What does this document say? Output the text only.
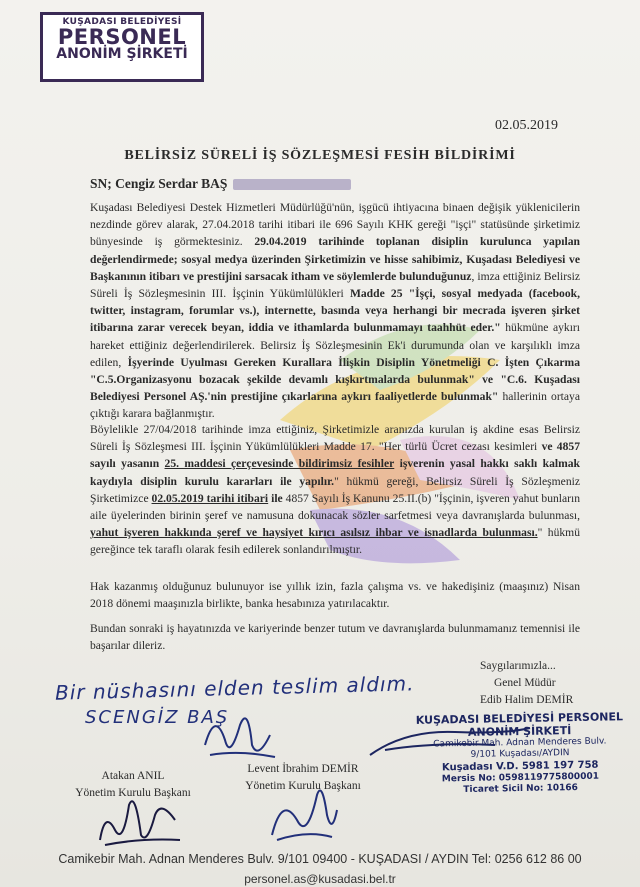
KUŞADASI BELEDİYESİ
PERSONEL
ANONİM ŞİRKETİ
02.05.2019
BELİRSİZ SÜRELİ İŞ SÖZLEŞMESİ FESİH BİLDİRİMİ
SN; Cengiz Serdar BAŞ

Kuşadası Belediyesi Destek Hizmetleri Müdürlüğü'nün, işgücü ihtiyacına binaen değişik yüklenicilerin nezdinde görev alarak, 27.04.2018 tarihi itibari ile 696 Sayılı KHK gereği "işçi" statüsünde şirketimiz bünyesinde iş görmektesiniz. 29.04.2019 tarihinde toplanan disiplin kurulunca yapılan değerlendirmede; sosyal medya üzerinden Şirketimizin ve hisse sahibimiz, Kuşadası Belediyesi ve Başkanının itibarı ve prestijini sarsacak itham ve söylemlerde bulunduğunuz, imza ettiğiniz Belirsiz Süreli İş Sözleşmesinin III. İşçinin Yükümlülükleri Madde 25 "İşçi, sosyal medyada (facebook, twitter, instagram, forumlar vs.), internette, basında veya herhangi bir mecrada işveren şirket itibarına zarar verecek beyan, iddia ve ithamlarda bulunmamayı taahhüt eder." hükmüne aykırı hareket ettiğiniz değerlendirilerek. Belirsiz İş Sözleşmesinin Ek'i durumunda olan ve karşılıklı imza edilen, İşyerinde Uyulması Gereken Kurallara İlişkin Disiplin Yönetmeliği C. İşten Çıkarma "C.5.Organizasyonu bozacak şekilde devamlı kışkırtmalarda bulunmak" ve "C.6. Kuşadası Belediyesi Personel AŞ.'nin prestijine çıkarlarına aykırı faaliyetlerde bulunmak" hallerinin ortaya çıktığı karara bağlanmıştır.

Böylelikle 27/04/2018 tarihinde imza ettiğiniz, Şirketimizle aranızda kurulan iş akdine esas Belirsiz Süreli İş Sözleşmesi III. İşçinin Yükümlülükleri Madde 17. "Her türlü Ücret cezası kesimleri ve 4857 sayılı yasanın 25. maddesi çerçevesinde bildirimsiz fesihler işverenin yasal hakkı saklı kalmak kaydıyla disiplin kurulu kararları ile yapılır." hükmü gereği, Belirsiz Süreli İş Sözleşmeniz Şirketimizce 02.05.2019 tarihi itibari ile 4857 Sayılı İş Kanunu 25.II.(b) "İşçinin, işveren yahut bunların aile üyelerinden birinin şeref ve namusuna dokunacak sözler sarfetmesi veya davranışlarda bulunması, yahut işveren hakkında şeref ve haysiyet kırıcı asılsız ihbar ve isnadlarda bulunması." hükmü gereğince tek taraflı olarak fesih edilerek sonlandırılmıştır.

Hak kazanmış olduğunuz bulunuyor ise yıllık izin, fazla çalışma vs. ve hakedişiniz (maaşınız) Nisan 2018 dönemi maaşınızla birlikte, banka hesabınıza yatırılacaktır.

Bundan sonraki iş hayatınızda ve kariyerinde benzer tutum ve davranışlarda bulunmamanız temennisi ile başarılar dileriz.

Saygılarımızla...
Genel Müdür
Edib Halim DEMİR
Bir nüshasını elden teslim aldım.
SCENGİZ BAŞ	KUŞADASI BELEDİYESİ PERSONEL
ANONİM ŞİRKETİ
Camikebir Mah. Adnan Menderes Bulv.
9/101 Kuşadası/AYDIN
Kuşadası V.D. 5981 197 758
Mersis No: 0598119775800001
Ticaret Sicil No: 10166
Atakan ANIL
Yönetim Kurulu Başkanı
Levent İbrahim DEMİR
Yönetim Kurulu Başkanı
Camikebir Mah. Adnan Menderes Bulv. 9/101 09400 - KUŞADASI / AYDIN Tel: 0256 612 86 00
personel.as@kusadasi.bel.tr
